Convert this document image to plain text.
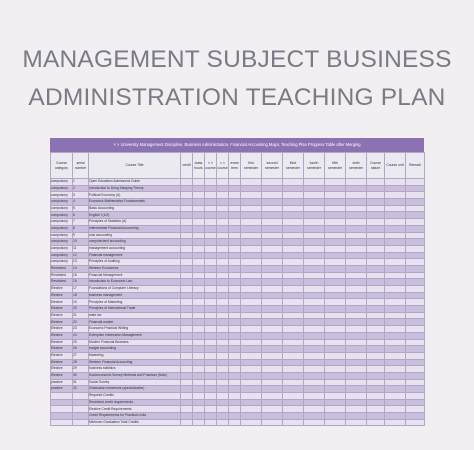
MANAGEMENT SUBJECT BUSINESS
ADMINISTRATION TEACHING PLAN
× × University Management Discipline, Business Administration, Financial Accounting Major, Teaching Plan Progress Table after Merging
Course category	serial number	Course Title	credit	class hours	× × course	× × course	exam term	first semester	second semester	third semester	fourth semester	fifth semester	sixth semester	Course nature	Course unit	Remark
compulsory	1	Open Education Admissions Guide														
compulsory	2	Introduction to Deng Xiaoping Theory														
compulsory	3	Political Economy (A)														
compulsory	4	Economic Mathematics Fundamentals														
compulsory	5	Basic Accounting														
compulsory	6	English I (1/2)														
compulsory	7	Principles of Statistics (A)														
compulsory	8	Intermediate Financial Accounting														
compulsory	9	cost accounting														
compulsory	10	computerized accounting														
compulsory	11	management accounting														
compulsory	12	Financial management														
compulsory	13	Principles of Auditing														
Restricted	14	Western Economics														
Restricted	15	Financial Management														
Restricted	16	Introduction to Economic Law														
Elective	17	Foundations of Computer Literacy														
Elective	18	business management														
Elective	19	Principles of Marketing														
Elective	20	Principles of International Trade														
Elective	21	state tax														
Elective	22	Financial market														
Elective	23	Economic Practical Writing														
Elective	24	Enterprise Information Management														
Elective	25	Modern Financial Business														
Elective	26	budget accounting														
Elective	27	Marketing														
Elective	28	Western Financial Accounting														
Elective	29	business statistics														
Elective	30	Socioeconomic Survey Methods and Practices (Note)														
practice	31	Social Survey														
practice	32	Graduation homework (specialization)														
		Required Credits														
		Restricted credit requirements														
		Elective Credit Requirements														
		Credit Requirements for Practical Links														
		Minimum Graduation Total Credits														
